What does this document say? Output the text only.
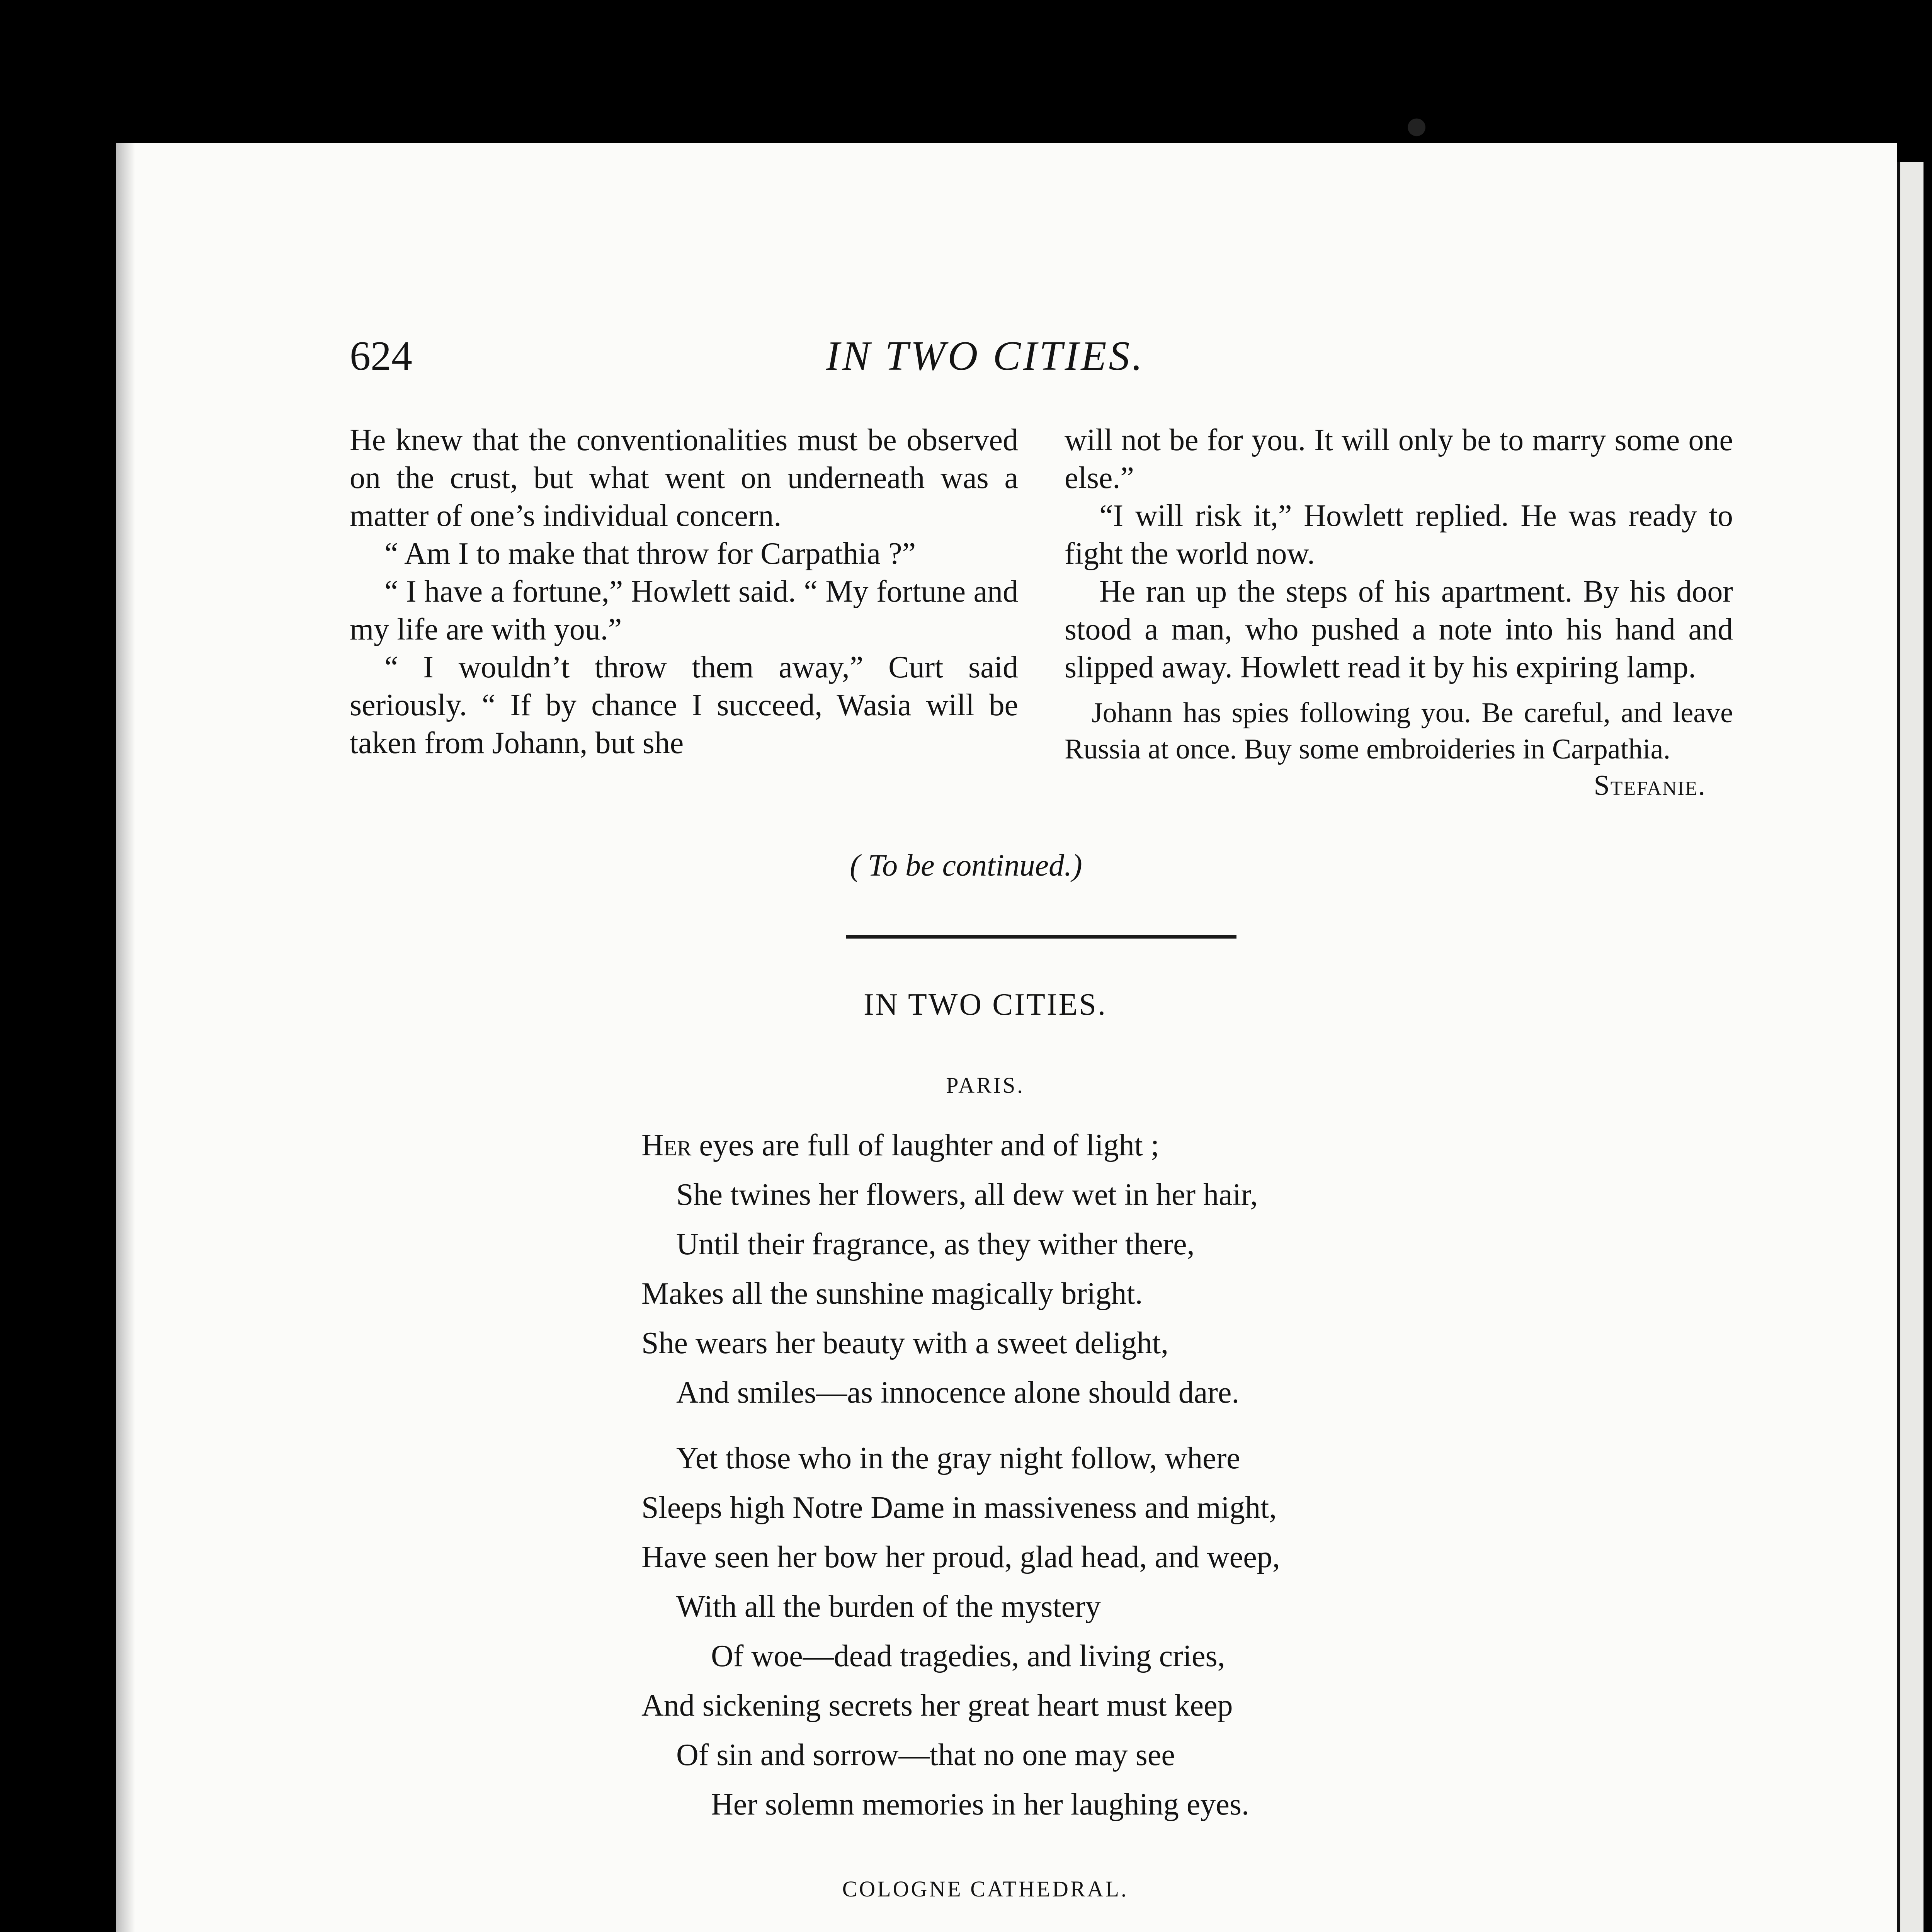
●
624	IN TWO CITIES.

He knew that the conventionalities must be observed on the crust, but what went on underneath was a matter of one’s individual concern.

“ Am I to make that throw for Carpathia ?”

“ I have a fortune,” Howlett said. “ My fortune and my life are with you.”

“ I wouldn’t throw them away,” Curt said seriously. “ If by chance I succeed, Wasia will be taken from Johann, but she

will not be for you. It will only be to marry some one else.”

“I will risk it,” Howlett replied. He was ready to fight the world now.

He ran up the steps of his apartment. By his door stood a man, who pushed a note into his hand and slipped away. Howlett read it by his expiring lamp.

Johann has spies following you. Be careful, and leave Russia at once. Buy some embroideries in Carpathia.
Stefanie.
( To be continued.)
IN TWO CITIES.
PARIS.
Her eyes are full of laughter and of light ;
She twines her flowers, all dew wet in her hair,
Until their fragrance, as they wither there,
Makes all the sunshine magically bright.
She wears her beauty with a sweet delight,
And smiles—as innocence alone should dare.
Yet those who in the gray night follow, where
Sleeps high Notre Dame in massiveness and might,
Have seen her bow her proud, glad head, and weep,
With all the burden of the mystery
Of woe—dead tragedies, and living cries,
And sickening secrets her great heart must keep
Of sin and sorrow—that no one may see
Her solemn memories in her laughing eyes.
COLOGNE CATHEDRAL.
